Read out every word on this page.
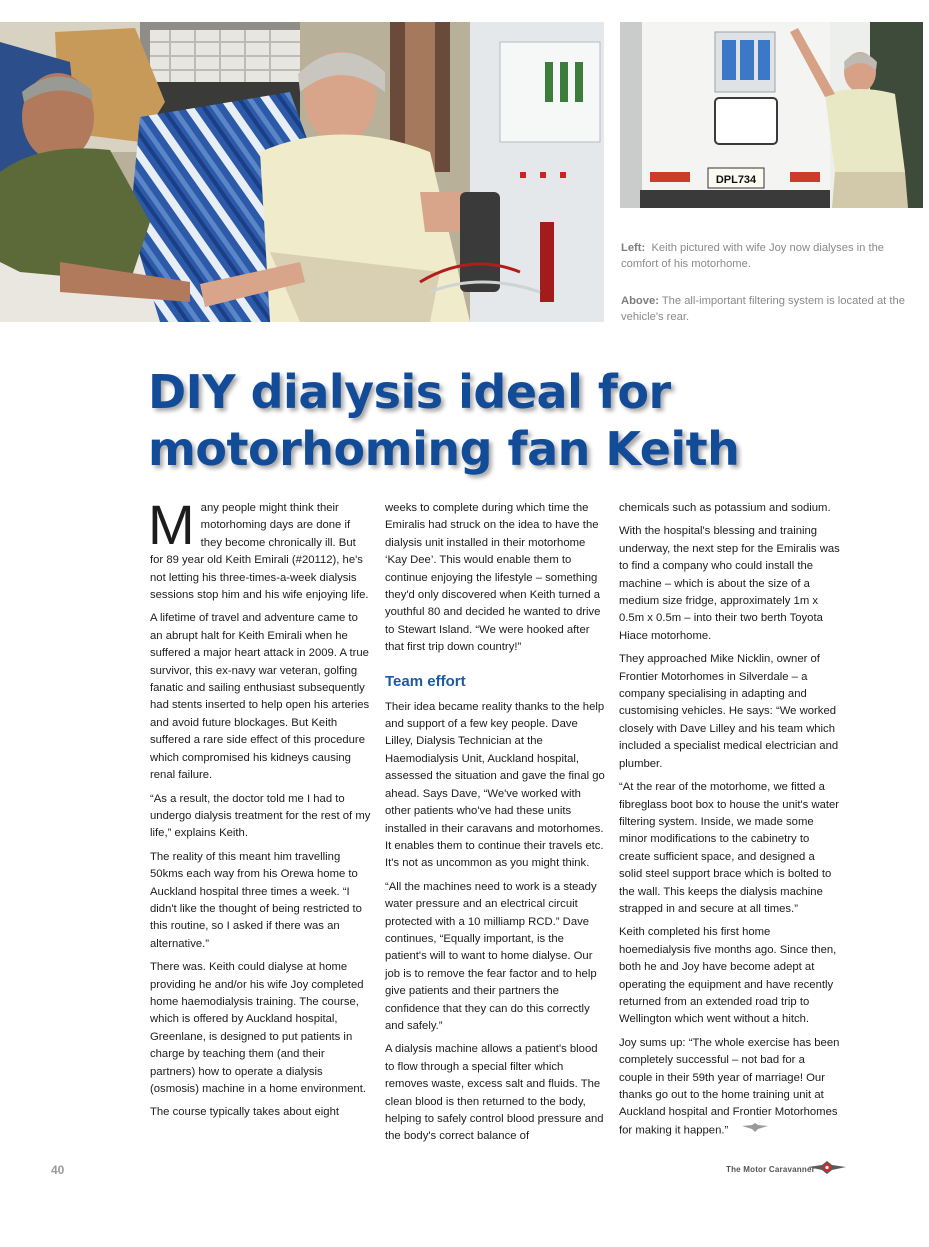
DPL734
Left: Keith pictured with wife Joy now dialyses in the comfort of his motorhome.
Above: The all-important filtering system is located at the vehicle's rear.
DIY dialysis ideal for
motorhoming fan Keith

Many people might think their motorhoming days are done if they become chronically ill. But for 89 year old Keith Emirali (#20112), he's not letting his three-times-a-week dialysis sessions stop him and his wife enjoying life.

A lifetime of travel and adventure came to an abrupt halt for Keith Emirali when he suffered a major heart attack in 2009. A true survivor, this ex-navy war veteran, golfing fanatic and sailing enthusiast subsequently had stents inserted to help open his arteries and avoid future blockages. But Keith suffered a rare side effect of this procedure which compromised his kidneys causing renal failure.

“As a result, the doctor told me I had to undergo dialysis treatment for the rest of my life,” explains Keith.

The reality of this meant him travelling 50kms each way from his Orewa home to Auckland hospital three times a week. “I didn't like the thought of being restricted to this routine, so I asked if there was an alternative.”

There was. Keith could dialyse at home providing he and/or his wife Joy completed home haemodialysis training. The course, which is offered by Auckland hospital, Greenlane, is designed to put patients in charge by teaching them (and their partners) how to operate a dialysis (osmosis) machine in a home environment.

The course typically takes about eight

weeks to complete during which time the Emiralis had struck on the idea to have the dialysis unit installed in their motorhome ‘Kay Dee’. This would enable them to continue enjoying the lifestyle – something they'd only discovered when Keith turned a youthful 80 and decided he wanted to drive to Stewart Island. “We were hooked after that first trip down country!”

Team effort

Their idea became reality thanks to the help and support of a few key people. Dave Lilley, Dialysis Technician at the Haemodialysis Unit, Auckland hospital, assessed the situation and gave the final go ahead. Says Dave, “We've worked with other patients who've had these units installed in their caravans and motorhomes. It enables them to continue their travels etc. It's not as uncommon as you might think.

“All the machines need to work is a steady water pressure and an electrical circuit protected with a 10 milliamp RCD.” Dave continues, “Equally important, is the patient's will to want to home dialyse. Our job is to remove the fear factor and to help give patients and their partners the confidence that they can do this correctly and safely.”

A dialysis machine allows a patient's blood to flow through a special filter which removes waste, excess salt and fluids. The clean blood is then returned to the body, helping to safely control blood pressure and the body's correct balance of

chemicals such as potassium and sodium.

With the hospital's blessing and training underway, the next step for the Emiralis was to find a company who could install the machine – which is about the size of a medium size fridge, approximately 1m x 0.5m x 0.5m – into their two berth Toyota Hiace motorhome.

They approached Mike Nicklin, owner of Frontier Motorhomes in Silverdale – a company specialising in adapting and customising vehicles. He says: “We worked closely with Dave Lilley and his team which included a specialist medical electrician and plumber.

“At the rear of the motorhome, we fitted a fibreglass boot box to house the unit's water filtering system. Inside, we made some minor modifications to the cabinetry to create sufficient space, and designed a solid steel support brace which is bolted to the wall. This keeps the dialysis machine strapped in and secure at all times.”

Keith completed his first home hoemedialysis five months ago. Since then, both he and Joy have become adept at operating the equipment and have recently returned from an extended road trip to Wellington which went without a hitch.

Joy sums up: “The whole exercise has been completely successful – not bad for a couple in their 59th year of marriage! Our thanks go out to the home training unit at Auckland hospital and Frontier Motorhomes for making it happen.”

40	The Motor Caravanner
